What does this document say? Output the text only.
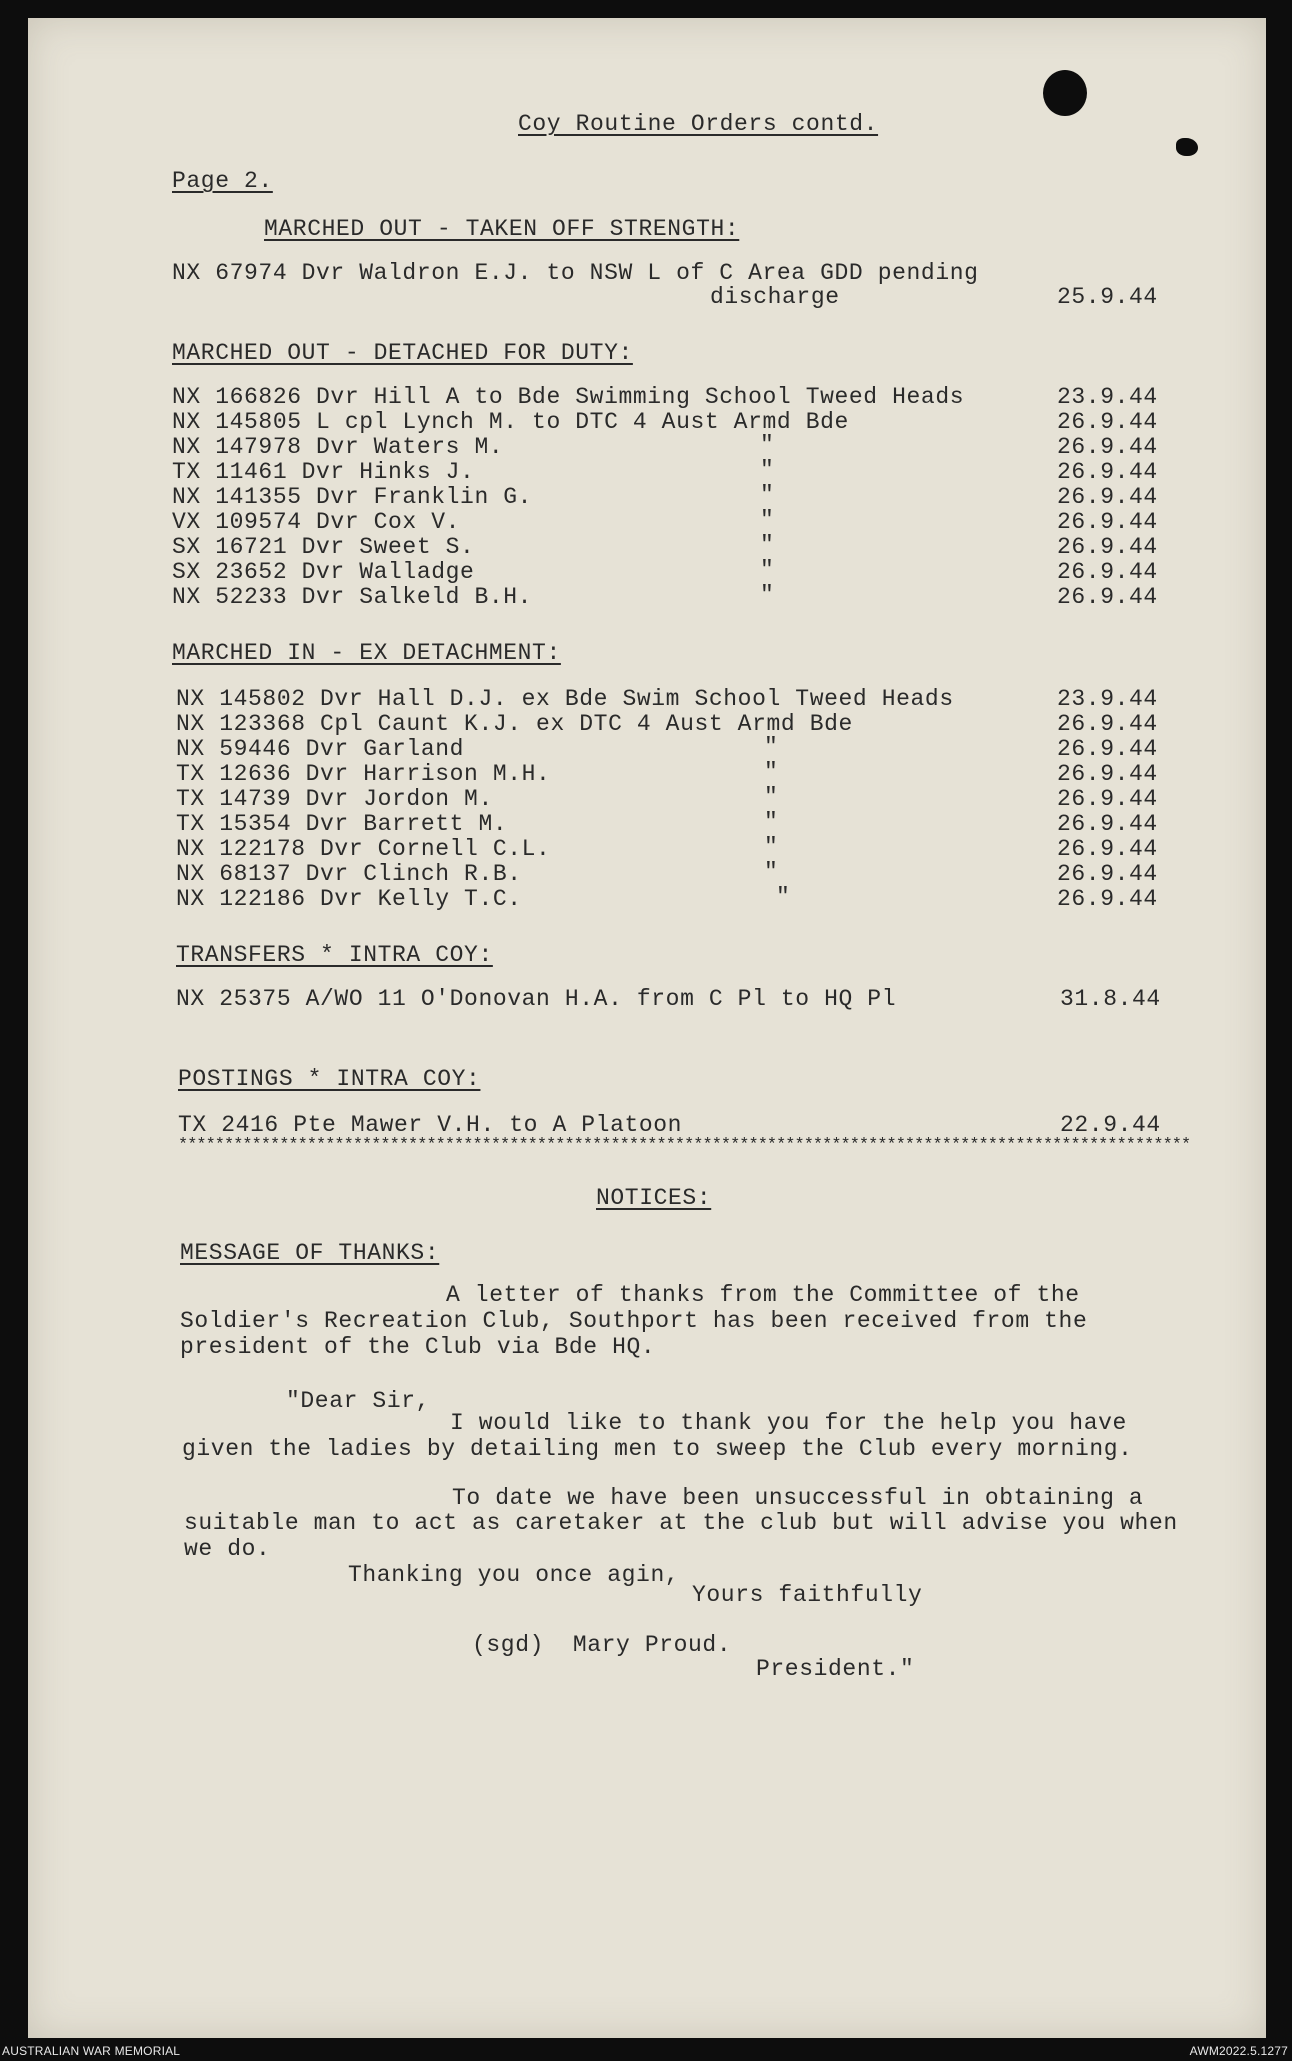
Coy Routine Orders contd.
Page 2.
MARCHED OUT - TAKEN OFF STRENGTH:
NX 67974 Dvr Waldron E.J. to NSW L of C Area GDD pending
discharge	25.9.44
MARCHED OUT - DETACHED FOR DUTY:
NX 166826 Dvr Hill A to Bde Swimming School Tweed Heads	23.9.44
NX 145805 L cpl Lynch M. to DTC 4 Aust Armd Bde	26.9.44
NX 147978 Dvr Waters M.	"	26.9.44
TX 11461 Dvr Hinks J.	"	26.9.44
NX 141355 Dvr Franklin G.	"	26.9.44
VX 109574 Dvr Cox V.	"	26.9.44
SX 16721 Dvr Sweet S.	"	26.9.44
SX 23652 Dvr Walladge	"	26.9.44
NX 52233 Dvr Salkeld B.H.	"	26.9.44
MARCHED IN - EX DETACHMENT:
NX 145802 Dvr Hall D.J. ex Bde Swim School Tweed Heads	23.9.44
NX 123368 Cpl Caunt K.J. ex DTC 4 Aust Armd Bde	26.9.44
NX 59446 Dvr Garland	"	26.9.44
TX 12636 Dvr Harrison M.H.	"	26.9.44
TX 14739 Dvr Jordon M.	"	26.9.44
TX 15354 Dvr Barrett M.	"	26.9.44
NX 122178 Dvr Cornell C.L.	"	26.9.44
NX 68137 Dvr Clinch R.B.	"	26.9.44
NX 122186 Dvr Kelly T.C.	"	26.9.44
TRANSFERS * INTRA COY:
NX 25375 A/WO 11 O'Donovan H.A. from C Pl to HQ Pl	31.8.44
POSTINGS * INTRA COY:
TX 2416 Pte Mawer V.H. to A Platoon	22.9.44
**************************************************************************************************************
NOTICES:
MESSAGE OF THANKS:
A letter of thanks from the Committee of the
Soldier's Recreation Club, Southport has been received from the
president of the Club via Bde HQ.
"Dear Sir,
I would like to thank you for the help you have
given the ladies by detailing men to sweep the Club every morning.
To date we have been unsuccessful in obtaining a
suitable man to act as caretaker at the club but will advise you when
we do.
Thanking you once agin,
Yours faithfully
(sgd)  Mary Proud.
President."
AUSTRALIAN WAR MEMORIAL	AWM2022.5.1277
